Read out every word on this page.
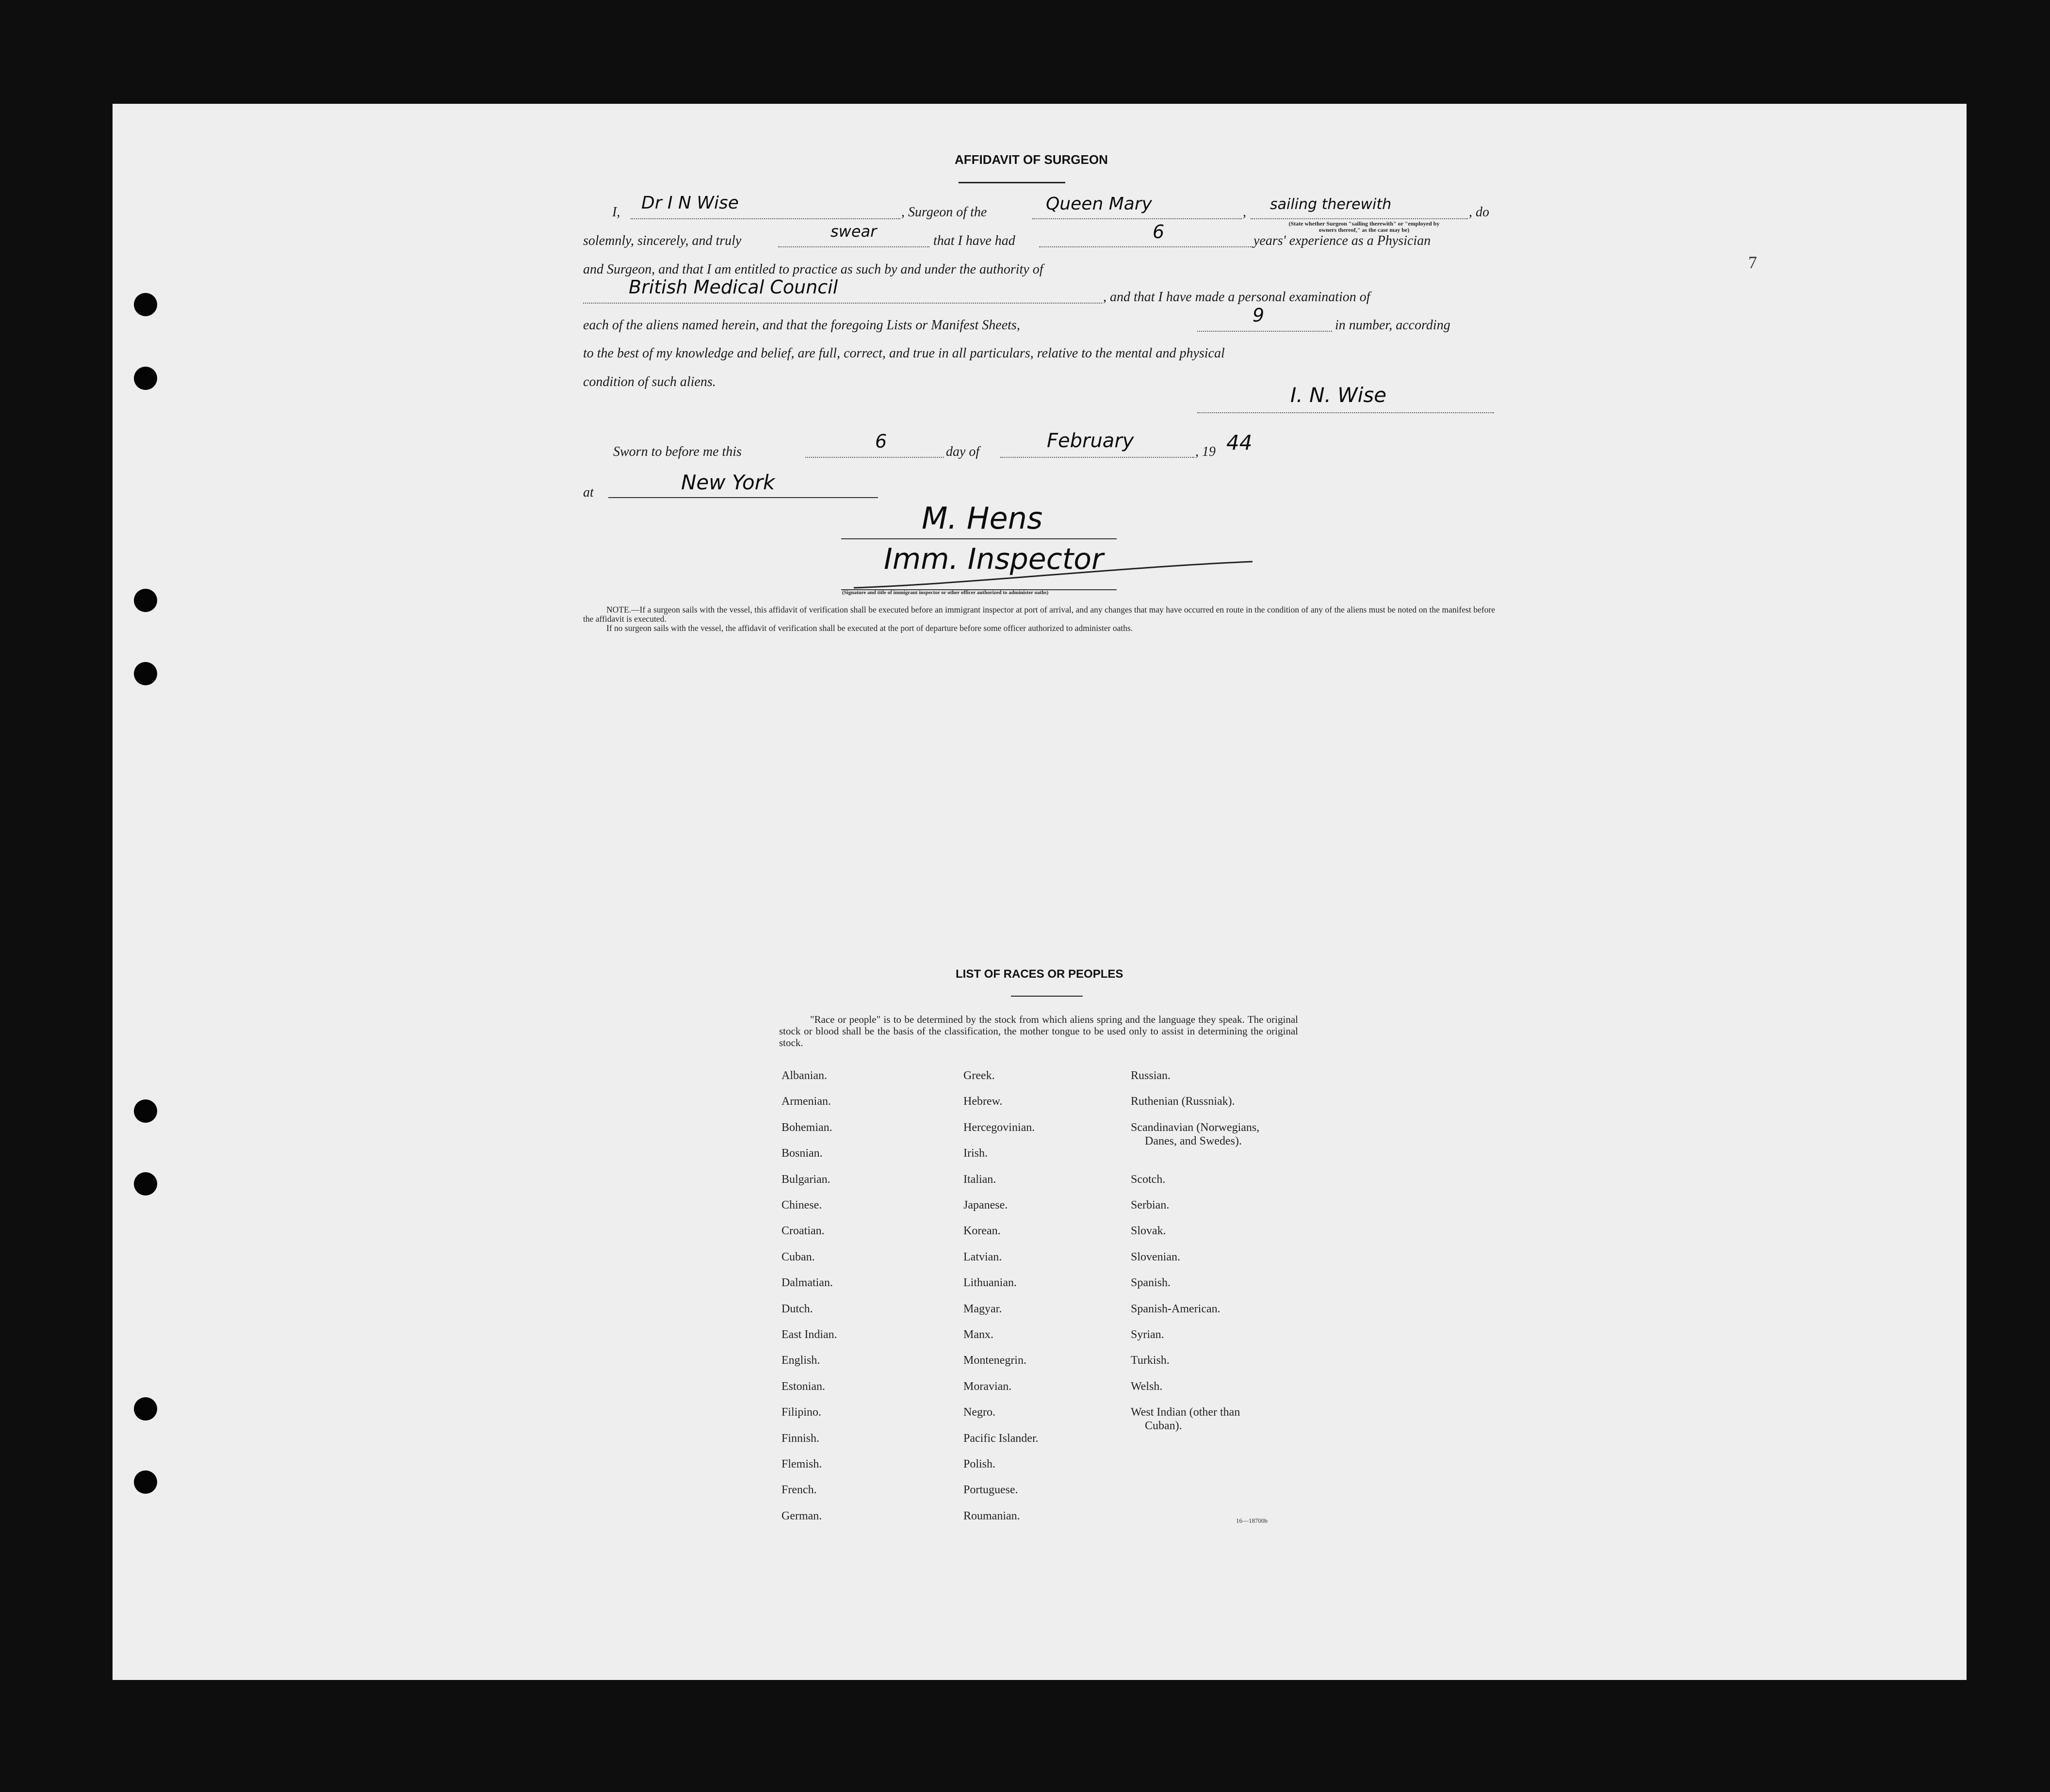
7
AFFIDAVIT OF SURGEON
I, Dr I N Wise	, Surgeon of the	Queen Mary	, sailing therewith	, do
(State whether Surgeon "sailing therewith" or "employed by owners thereof," as the case may be)
solemnly, sincerely, and truly
swear
that I have had	6	years' experience as a Physician
and Surgeon, and that I am entitled to practice as such by and under the authority of
British Medical Council	, and that I have made a personal examination of
each of the aliens named herein, and that the foregoing Lists or Manifest Sheets,	9	in number, according
to the best of my knowledge and belief, are full, correct, and true in all particulars, relative to the mental and physical
condition of such aliens.
I. N. Wise
Sworn to before me this	6	day of	February	, 19 44
at	New York
M. Hens
Imm. Inspector
(Signature and title of immigrant inspector or other officer authorized to administer oaths)
NOTE.—If a surgeon sails with the vessel, this affidavit of verification shall be executed before an immigrant inspector at port of arrival, and any changes that may have occurred en route in the condition of any of the aliens must be noted on the manifest before the affidavit is executed.
If no surgeon sails with the vessel, the affidavit of verification shall be executed at the port of departure before some officer authorized to administer oaths.
LIST OF RACES OR PEOPLES
"Race or people" is to be determined by the stock from which aliens spring and the language they speak. The original stock or blood shall be the basis of the classification, the mother tongue to be used only to assist in determining the original stock.
Albanian.
Armenian.
Bohemian.
Bosnian.
Bulgarian.
Chinese.
Croatian.
Cuban.
Dalmatian.
Dutch.
East Indian.
English.
Estonian.
Filipino.
Finnish.
Flemish.
French.
German.
Greek.
Hebrew.
Hercegovinian.
Irish.
Italian.
Japanese.
Korean.
Latvian.
Lithuanian.
Magyar.
Manx.
Montenegrin.
Moravian.
Negro.
Pacific Islander.
Polish.
Portuguese.
Roumanian.
Russian.
Ruthenian (Russniak).
Scandinavian (Norwegians,
Danes, and Swedes).
Scotch.
Serbian.
Slovak.
Slovenian.
Spanish.
Spanish-American.
Syrian.
Turkish.
Welsh.
West Indian (other than
Cuban).
16—18700b
